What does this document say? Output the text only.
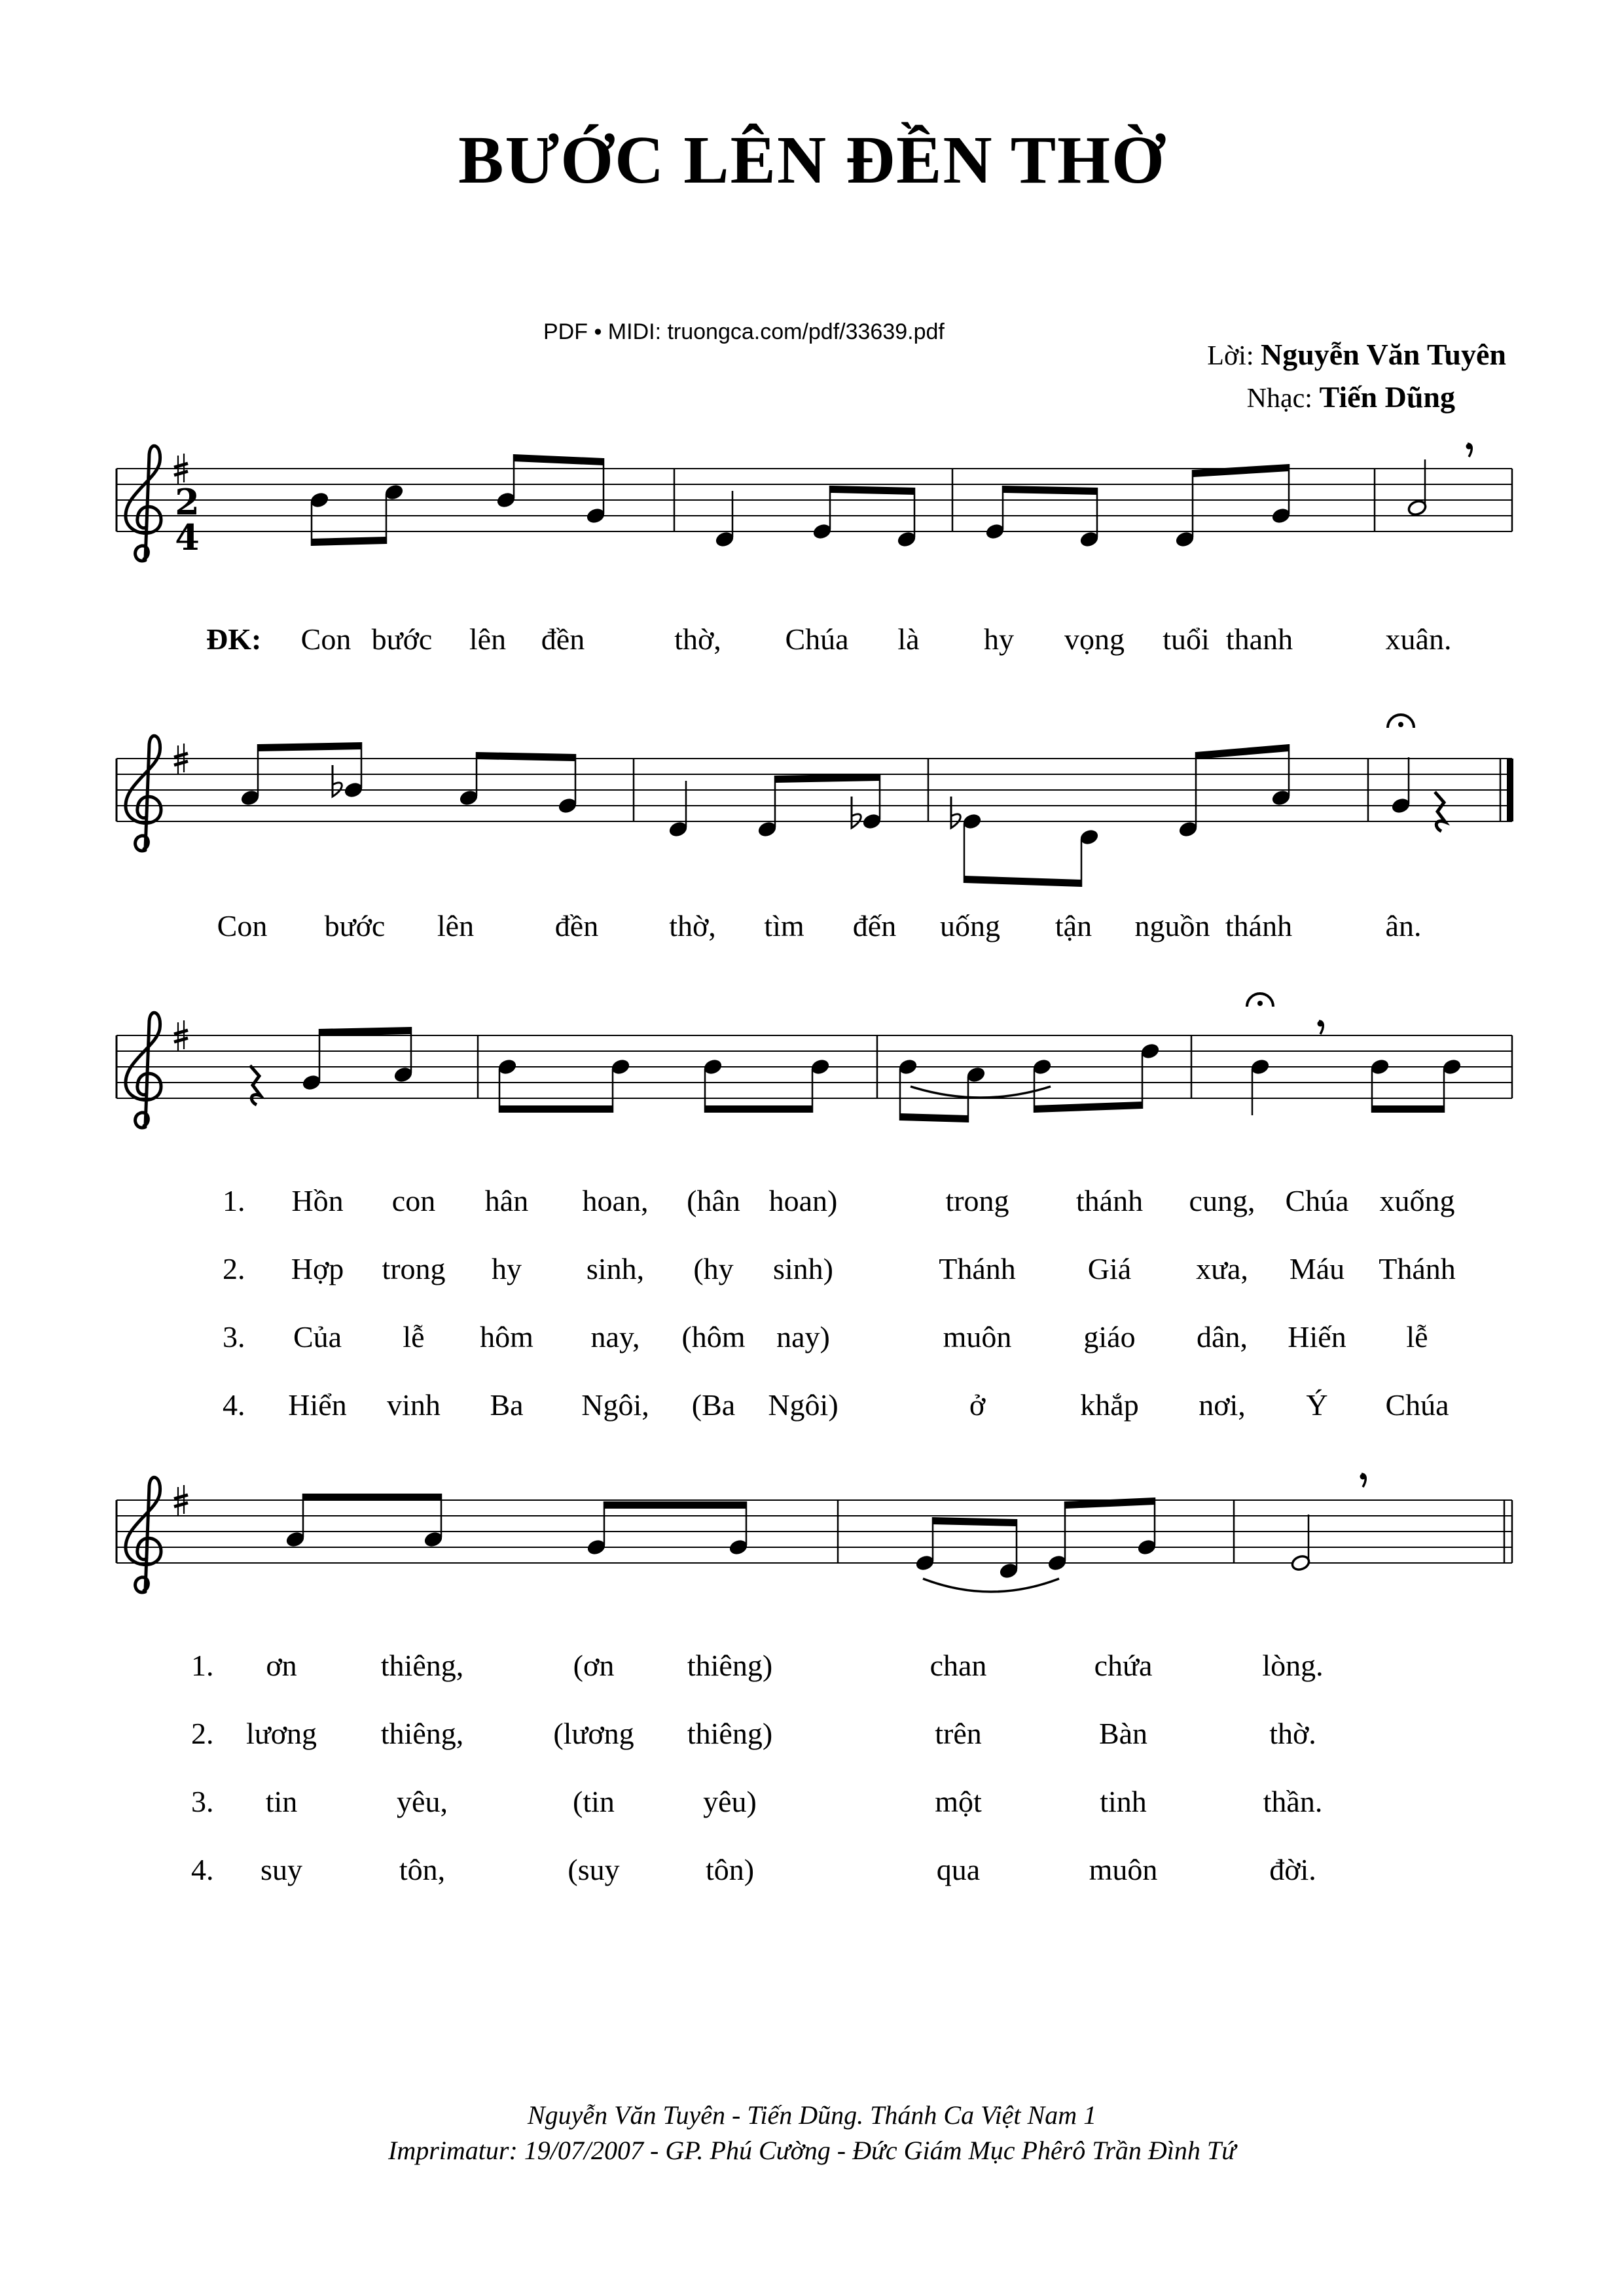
BƯỚC LÊN ĐỀN THỜ
PDF • MIDI: truongca.com/pdf/33639.pdf
Lời: Nguyễn Văn Tuyên
Nhạc: Tiến Dũng
2
4
ĐK: Con bước lên đền	thờ, Chúa là hy vọng tuổi thanh	xuân.
Con bước lên	đền thờ, tìm đến uống tận nguồn thánh	ân.
1. Hồn con hân hoan, (hân hoan)	trong thánh cung, Chúa xuống
2. Hợp trong hy sinh, (hy sinh)	Thánh Giá xưa, Máu Thánh
3. Của lễ hôm nay, (hôm nay)	muôn giáo dân, Hiến lễ
4. Hiển vinh Ba Ngôi, (Ba Ngôi)	ở	khắp nơi, Ý Chúa
1. ơn	thiêng,	(ơn thiêng)	chan	chứa	lòng.
2. lương thiêng,	(lương thiêng)	trên	Bàn	thờ.
3. tin	yêu,	(tin	yêu)	một	tinh	thần.
4. suy	tôn,	(suy	tôn)	qua	muôn	đời.
Nguyễn Văn Tuyên - Tiến Dũng. Thánh Ca Việt Nam 1
Imprimatur: 19/07/2007 - GP. Phú Cường - Đức Giám Mục Phêrô Trần Đình Tứ
